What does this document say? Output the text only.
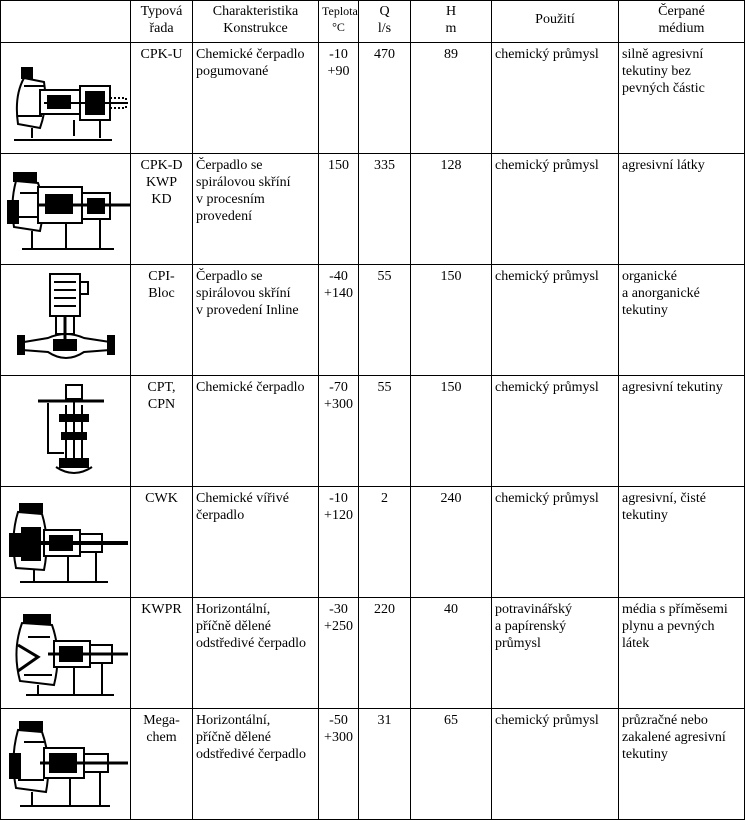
	Typová
řada	Charakteristika
Konstrukce	Teplota
°C	Q
l/s	H
m	Použití	Čerpané
médium

CPK-U	Chemické čerpadlo
pogumované	-10
+90	470	89	chemický průmysl	silně agresivní
tekutiny bez
pevných částic

CPK-D
KWP
KD	Čerpadlo se
spirálovou skříní
v procesním
provedení	150	335	128	chemický průmysl	agresivní látky

CPI-
Bloc	Čerpadlo se
spirálovou skříní
v provedení Inline	-40
+140	55	150	chemický průmysl	organické
a anorganické
tekutiny

CPT,
CPN	Chemické čerpadlo	-70
+300	55	150	chemický průmysl	agresivní tekutiny

CWK	Chemické vířivé
čerpadlo	-10
+120	2	240	chemický průmysl	agresivní, čisté
tekutiny

KWPR	Horizontální,
příčně dělené
odstředivé čerpadlo	-30
+250	220	40	potravinářský
a papírenský
průmysl	média s příměsemi
plynu a pevných
látek

Mega-
chem	Horizontální,
příčně dělené
odstředivé čerpadlo	-50
+300	31	65	chemický průmysl	průzračné nebo
zakalené agresivní
tekutiny
